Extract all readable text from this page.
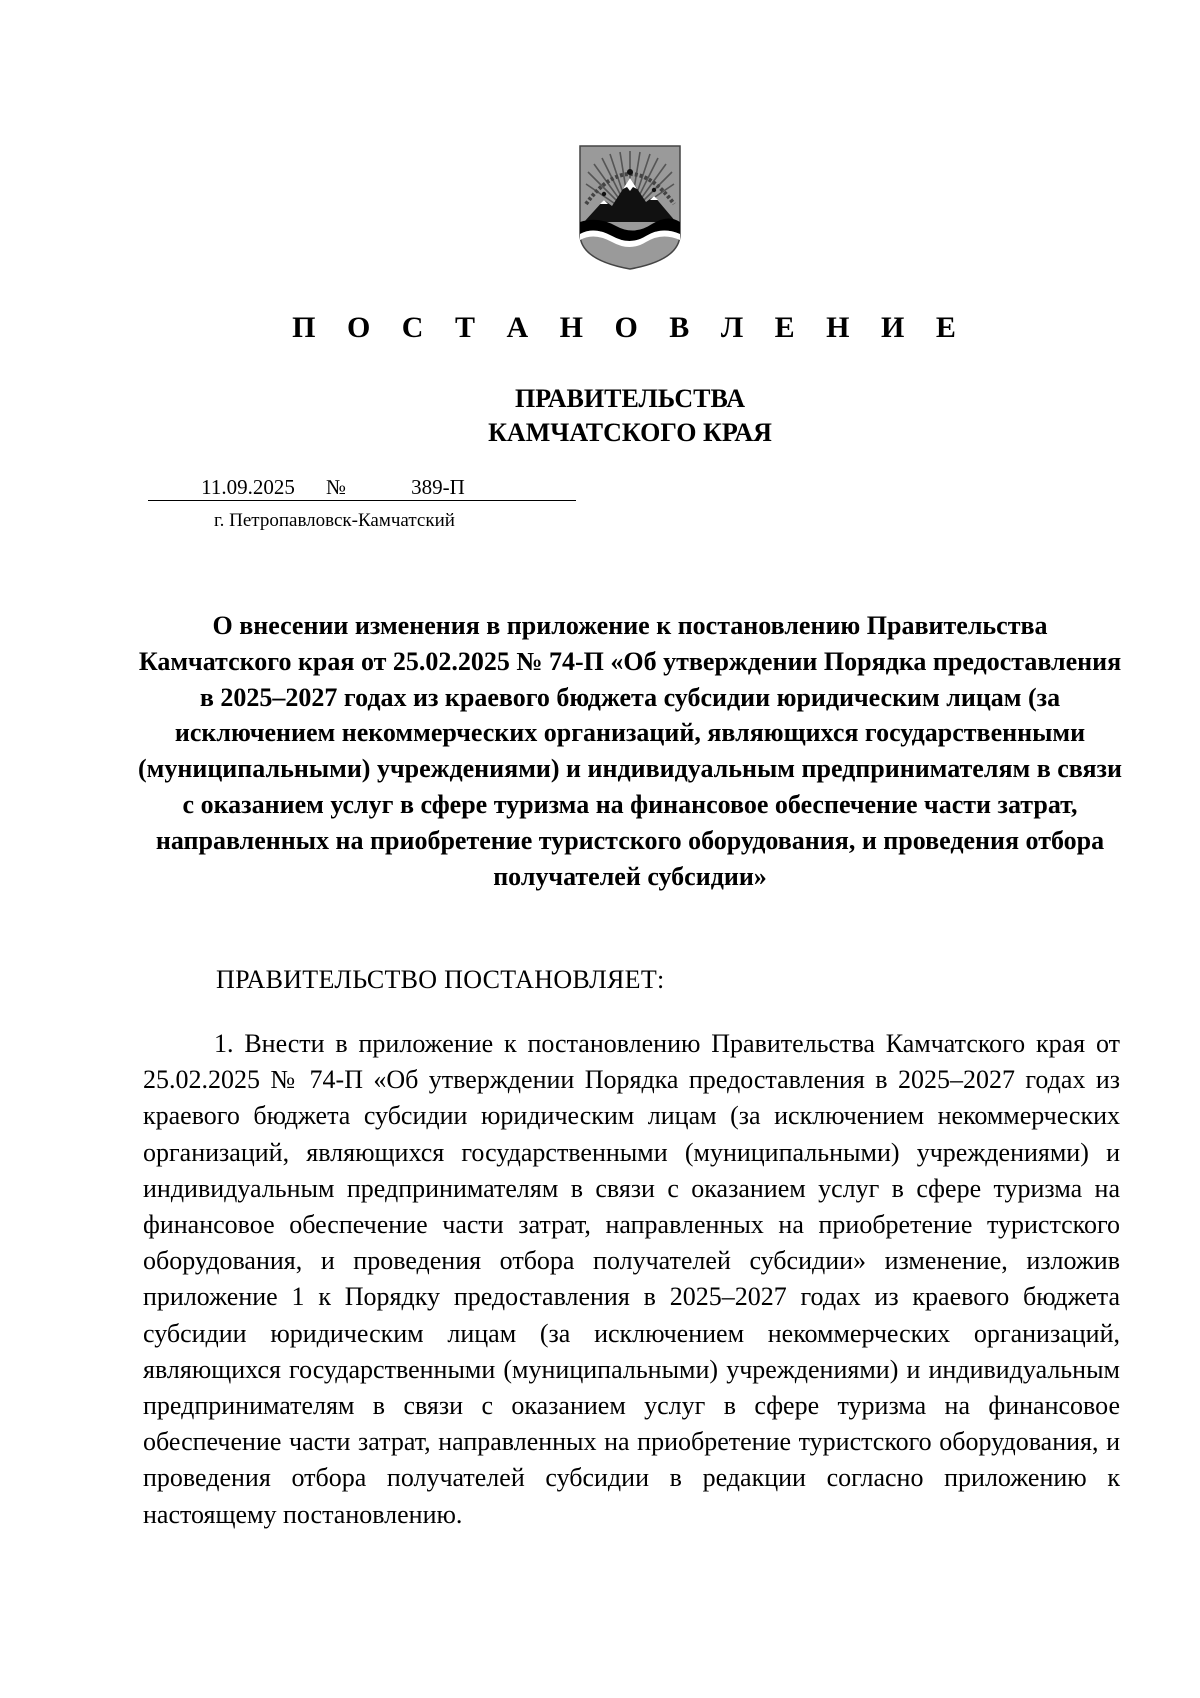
П О С Т А Н О В Л Е Н И Е
ПРАВИТЕЛЬСТВА
КАМЧАТСКОГО КРАЯ
11.09.2025	№	389-П
г. Петропавловск-Камчатский
О внесении изменения в приложение к постановлению Правительства Камчатского края от 25.02.2025 № 74-П «Об утверждении Порядка предоставления в 2025–2027 годах из краевого бюджета субсидии юридическим лицам (за исключением некоммерческих организаций, являющихся государственными (муниципальными) учреждениями) и индивидуальным предпринимателям в связи с оказанием услуг в сфере туризма на финансовое обеспечение части затрат, направленных на приобретение туристского оборудования, и проведения отбора получателей субсидии»
ПРАВИТЕЛЬСТВО ПОСТАНОВЛЯЕТ:
1. Внести в приложение к постановлению Правительства Камчатского края от 25.02.2025 № 74-П «Об утверждении Порядка предоставления в 2025–2027 годах из краевого бюджета субсидии юридическим лицам (за исключением некоммерческих организаций, являющихся государственными (муниципальными) учреждениями) и индивидуальным предпринимателям в связи с оказанием услуг в сфере туризма на финансовое обеспечение части затрат, направленных на приобретение туристского оборудования, и проведения отбора получателей субсидии» изменение, изложив приложение 1 к Порядку предоставления в 2025–2027 годах из краевого бюджета субсидии юридическим лицам (за исключением некоммерческих организаций, являющихся государственными (муниципальными) учреждениями) и индивидуальным предпринимателям в связи с оказанием услуг в сфере туризма на финансовое обеспечение части затрат, направленных на приобретение туристского оборудования, и проведения отбора получателей субсидии в редакции согласно приложению к настоящему постановлению.
